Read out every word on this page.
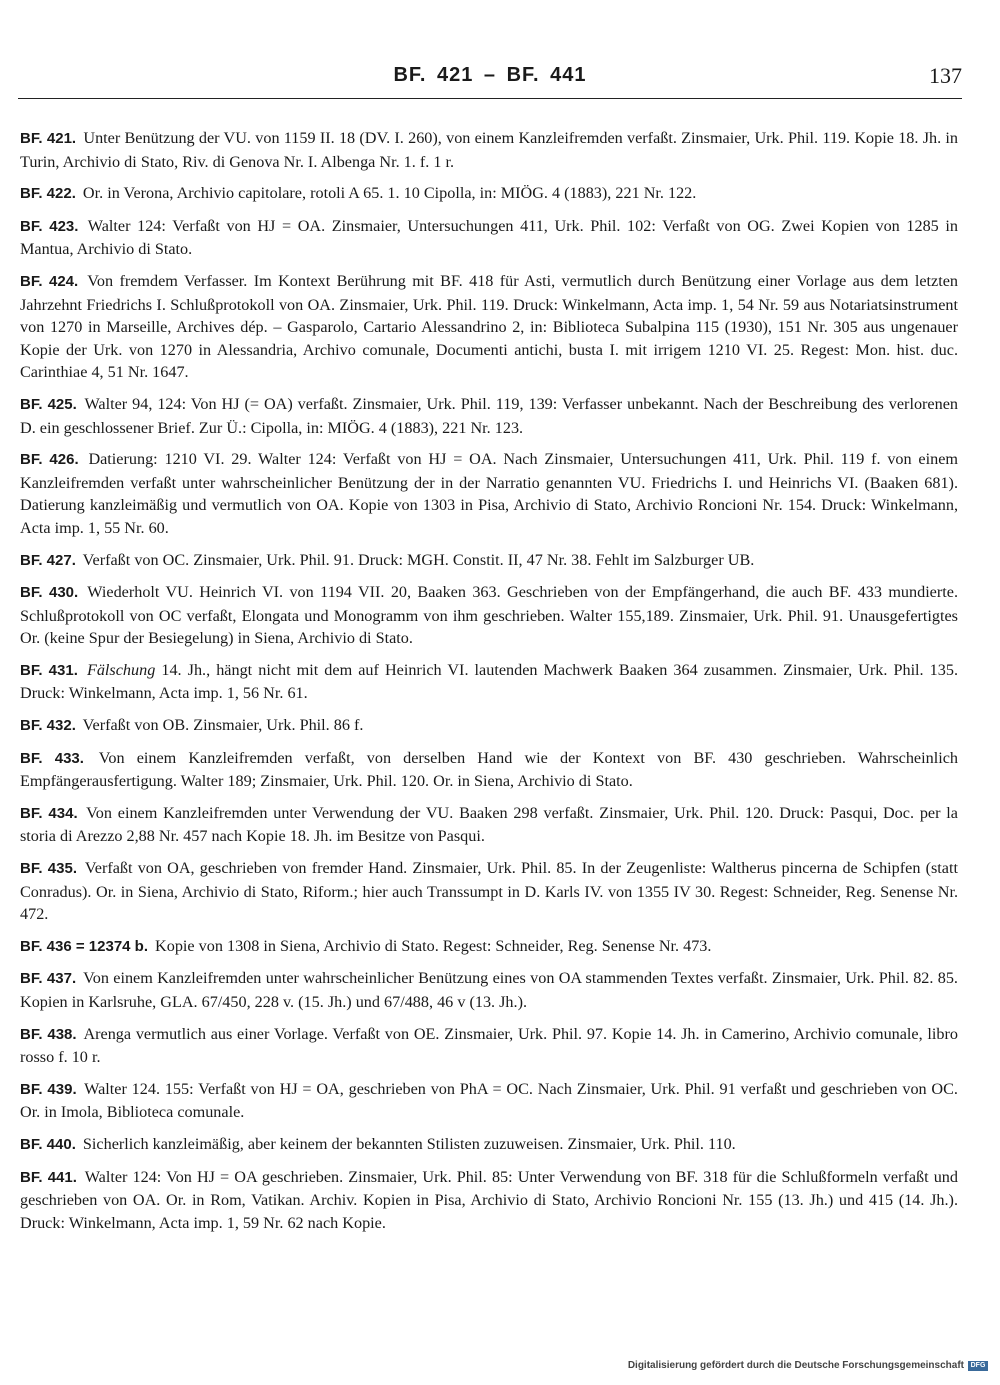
BF. 421 – BF. 441	137

BF. 421. Unter Benützung der VU. von 1159 II. 18 (DV. I. 260), von einem Kanzleifremden verfaßt. Zinsmaier, Urk. Phil. 119. Kopie 18. Jh. in Turin, Archivio di Stato, Riv. di Genova Nr. I. Albenga Nr. 1. f. 1 r.

BF. 422. Or. in Verona, Archivio capitolare, rotoli A 65. 1. 10 Cipolla, in: MIÖG. 4 (1883), 221 Nr. 122.

BF. 423. Walter 124: Verfaßt von HJ = OA. Zinsmaier, Untersuchungen 411, Urk. Phil. 102: Verfaßt von OG. Zwei Kopien von 1285 in Mantua, Archivio di Stato.

BF. 424. Von fremdem Verfasser. Im Kontext Berührung mit BF. 418 für Asti, vermutlich durch Benützung einer Vorlage aus dem letzten Jahrzehnt Friedrichs I. Schlußprotokoll von OA. Zinsmaier, Urk. Phil. 119. Druck: Winkelmann, Acta imp. 1, 54 Nr. 59 aus Notariatsinstrument von 1270 in Marseille, Archives dép. – Gasparolo, Cartario Alessandrino 2, in: Biblioteca Subalpina 115 (1930), 151 Nr. 305 aus ungenauer Kopie der Urk. von 1270 in Alessandria, Archivo comunale, Documenti antichi, busta I. mit irrigem 1210 VI. 25. Regest: Mon. hist. duc. Carinthiae 4, 51 Nr. 1647.

BF. 425. Walter 94, 124: Von HJ (= OA) verfaßt. Zinsmaier, Urk. Phil. 119, 139: Verfasser unbekannt. Nach der Beschreibung des verlorenen D. ein geschlossener Brief. Zur Ü.: Cipolla, in: MIÖG. 4 (1883), 221 Nr. 123.

BF. 426. Datierung: 1210 VI. 29. Walter 124: Verfaßt von HJ = OA. Nach Zinsmaier, Untersuchungen 411, Urk. Phil. 119 f. von einem Kanzleifremden verfaßt unter wahrscheinlicher Benützung der in der Narratio genannten VU. Friedrichs I. und Heinrichs VI. (Baaken 681). Datierung kanzleimäßig und vermutlich von OA. Kopie von 1303 in Pisa, Archivio di Stato, Archivio Roncioni Nr. 154. Druck: Winkelmann, Acta imp. 1, 55 Nr. 60.

BF. 427. Verfaßt von OC. Zinsmaier, Urk. Phil. 91. Druck: MGH. Constit. II, 47 Nr. 38. Fehlt im Salzburger UB.

BF. 430. Wiederholt VU. Heinrich VI. von 1194 VII. 20, Baaken 363. Geschrieben von der Empfängerhand, die auch BF. 433 mundierte. Schlußprotokoll von OC verfaßt, Elongata und Monogramm von ihm geschrieben. Walter 155,189. Zinsmaier, Urk. Phil. 91. Unausgefertigtes Or. (keine Spur der Besiegelung) in Siena, Archivio di Stato.

BF. 431. Fälschung 14. Jh., hängt nicht mit dem auf Heinrich VI. lautenden Machwerk Baaken 364 zusammen. Zinsmaier, Urk. Phil. 135. Druck: Winkelmann, Acta imp. 1, 56 Nr. 61.

BF. 432. Verfaßt von OB. Zinsmaier, Urk. Phil. 86 f.

BF. 433. Von einem Kanzleifremden verfaßt, von derselben Hand wie der Kontext von BF. 430 geschrieben. Wahrscheinlich Empfängerausfertigung. Walter 189; Zinsmaier, Urk. Phil. 120. Or. in Siena, Archivio di Stato.

BF. 434. Von einem Kanzleifremden unter Verwendung der VU. Baaken 298 verfaßt. Zinsmaier, Urk. Phil. 120. Druck: Pasqui, Doc. per la storia di Arezzo 2,88 Nr. 457 nach Kopie 18. Jh. im Besitze von Pasqui.

BF. 435. Verfaßt von OA, geschrieben von fremder Hand. Zinsmaier, Urk. Phil. 85. In der Zeugenliste: Waltherus pincerna de Schipfen (statt Conradus). Or. in Siena, Archivio di Stato, Riform.; hier auch Transsumpt in D. Karls IV. von 1355 IV 30. Regest: Schneider, Reg. Senense Nr. 472.

BF. 436 = 12374 b. Kopie von 1308 in Siena, Archivio di Stato. Regest: Schneider, Reg. Senense Nr. 473.

BF. 437. Von einem Kanzleifremden unter wahrscheinlicher Benützung eines von OA stammenden Textes verfaßt. Zinsmaier, Urk. Phil. 82. 85. Kopien in Karlsruhe, GLA. 67/450, 228 v. (15. Jh.) und 67/488, 46 v (13. Jh.).

BF. 438. Arenga vermutlich aus einer Vorlage. Verfaßt von OE. Zinsmaier, Urk. Phil. 97. Kopie 14. Jh. in Camerino, Archivio comunale, libro rosso f. 10 r.

BF. 439. Walter 124. 155: Verfaßt von HJ = OA, geschrieben von PhA = OC. Nach Zinsmaier, Urk. Phil. 91 verfaßt und geschrieben von OC. Or. in Imola, Biblioteca comunale.

BF. 440. Sicherlich kanzleimäßig, aber keinem der bekannten Stilisten zuzuweisen. Zinsmaier, Urk. Phil. 110.

BF. 441. Walter 124: Von HJ = OA geschrieben. Zinsmaier, Urk. Phil. 85: Unter Verwendung von BF. 318 für die Schlußformeln verfaßt und geschrieben von OA. Or. in Rom, Vatikan. Archiv. Kopien in Pisa, Archivio di Stato, Archivio Roncioni Nr. 155 (13. Jh.) und 415 (14. Jh.). Druck: Winkelmann, Acta imp. 1, 59 Nr. 62 nach Kopie.

Digitalisierung gefördert durch die Deutsche Forschungsgemeinschaft DFG
